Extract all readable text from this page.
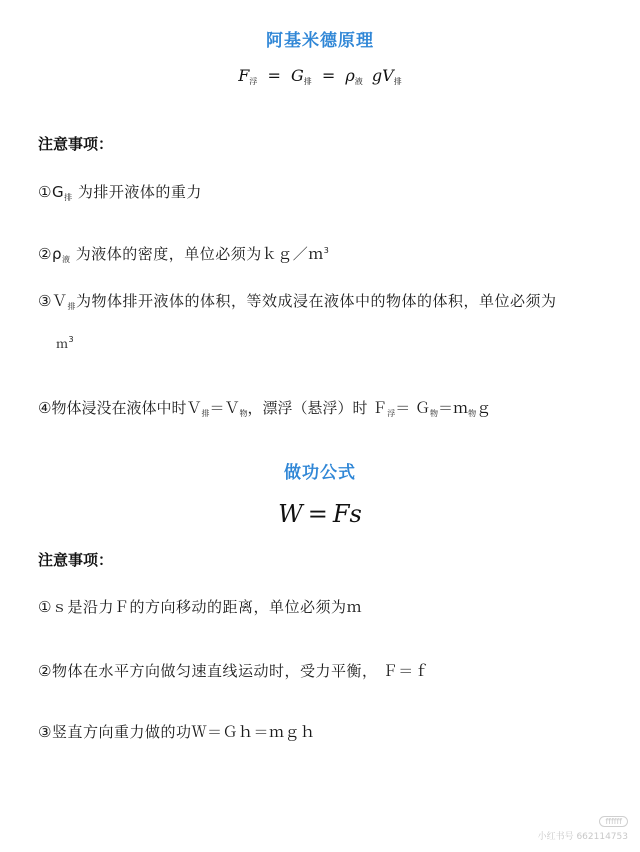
阿基米德原理
$F_浮 = G_排 = \rho_液$ $gV_排$
注意事项：
$①G_排$ 为排开液体的重力
$②\rho_液$ 为液体的密度，单位必须为ｋｇ／ｍ$^3$
③Ｖ$_排$为物体排开液体的体积，等效成浸在液体中的物体的体积，单位必须为
ｍ$^3$
④物体浸没在液体中时Ｖ$_排$＝Ｖ$_物$，漂浮（悬浮）时 Ｆ$_浮$＝ Ｇ$_物$＝ｍ$_物$ｇ
做功公式
W = Fs
注意事项：
①ｓ是沿力Ｆ的方向移动的距离，单位必须为ｍ
②物体在水平方向做匀速直线运动时，受力平衡， Ｆ＝ｆ
③竖直方向重力做的功Ｗ＝Ｇｈ＝ｍｇｈ
ffffff
小红书号 662114753
